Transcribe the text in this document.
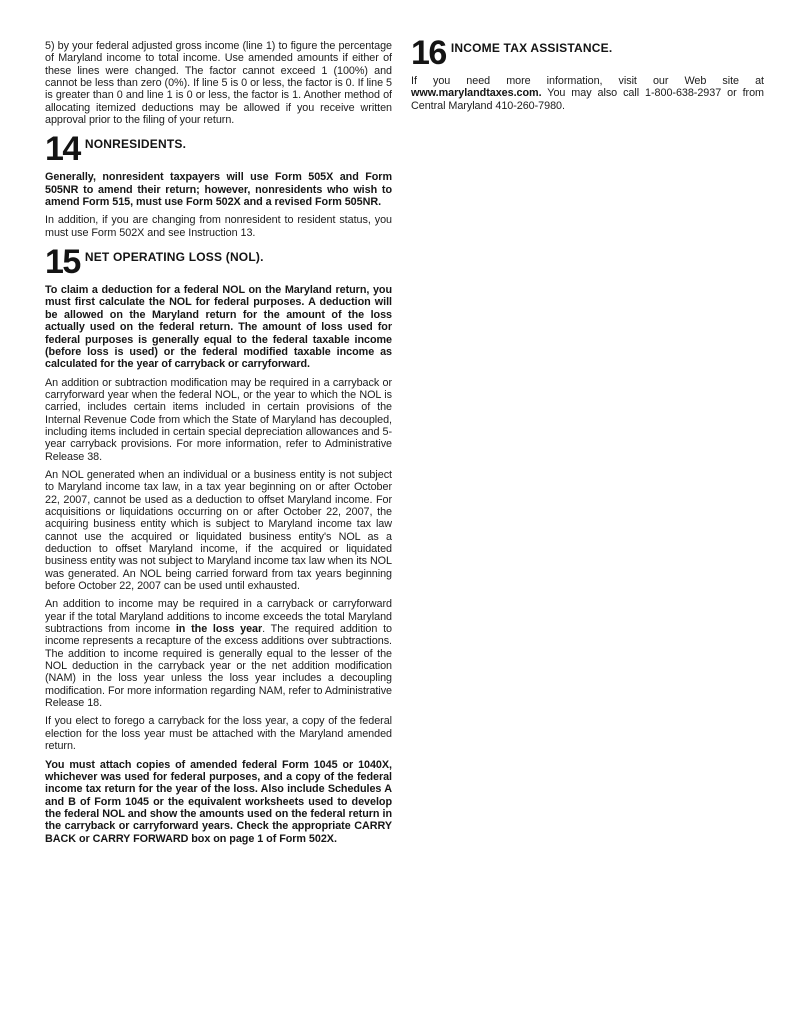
5) by your federal adjusted gross income (line 1) to figure the percentage of Maryland income to total income. Use amended amounts if either of these lines were changed. The factor cannot exceed 1 (100%) and cannot be less than zero (0%). If line 5 is 0 or less, the factor is 0. If line 5 is greater than 0 and line 1 is 0 or less, the factor is 1. Another method of allocating itemized deductions may be allowed if you receive written approval prior to the filing of your return.

14 NONRESIDENTS.

Generally, nonresident taxpayers will use Form 505X and Form 505NR to amend their return; however, nonresidents who wish to amend Form 515, must use Form 502X and a revised Form 505NR.

In addition, if you are changing from nonresident to resident status, you must use Form 502X and see Instruction 13.

15 NET OPERATING LOSS (NOL).

To claim a deduction for a federal NOL on the Maryland return, you must first calculate the NOL for federal purposes. A deduction will be allowed on the Maryland return for the amount of the loss actually used on the federal return. The amount of loss used for federal purposes is generally equal to the federal taxable income (before loss is used) or the federal modified taxable income as calculated for the year of carryback or carryforward.

An addition or subtraction modification may be required in a carryback or carryforward year when the federal NOL, or the year to which the NOL is carried, includes certain items included in certain provisions of the Internal Revenue Code from which the State of Maryland has decoupled, including items included in certain special depreciation allowances and 5-year carryback provisions. For more information, refer to Administrative Release 38.

An NOL generated when an individual or a business entity is not subject to Maryland income tax law, in a tax year beginning on or after October 22, 2007, cannot be used as a deduction to offset Maryland income. For acquisitions or liquidations occurring on or after October 22, 2007, the acquiring business entity which is subject to Maryland income tax law cannot use the acquired or liquidated business entity's NOL as a deduction to offset Maryland income, if the acquired or liquidated business entity was not subject to Maryland income tax law when its NOL was generated. An NOL being carried forward from tax years beginning before October 22, 2007 can be used until exhausted.

An addition to income may be required in a carryback or carryforward year if the total Maryland additions to income exceeds the total Maryland subtractions from income in the loss year. The required addition to income represents a recapture of the excess additions over subtractions. The addition to income required is generally equal to the lesser of the NOL deduction in the carryback year or the net addition modification (NAM) in the loss year unless the loss year includes a decoupling modification. For more information regarding NAM, refer to Administrative Release 18.

If you elect to forego a carryback for the loss year, a copy of the federal election for the loss year must be attached with the Maryland amended return.

You must attach copies of amended federal Form 1045 or 1040X, whichever was used for federal purposes, and a copy of the federal income tax return for the year of the loss. Also include Schedules A and B of Form 1045 or the equivalent worksheets used to develop the federal NOL and show the amounts used on the federal return in the carryback or carryforward years. Check the appropriate CARRY BACK or CARRY FORWARD box on page 1 of Form 502X.

16 INCOME TAX ASSISTANCE.

If you need more information, visit our Web site at www.marylandtaxes.com. You may also call 1-800-638-2937 or from Central Maryland 410-260-7980.
